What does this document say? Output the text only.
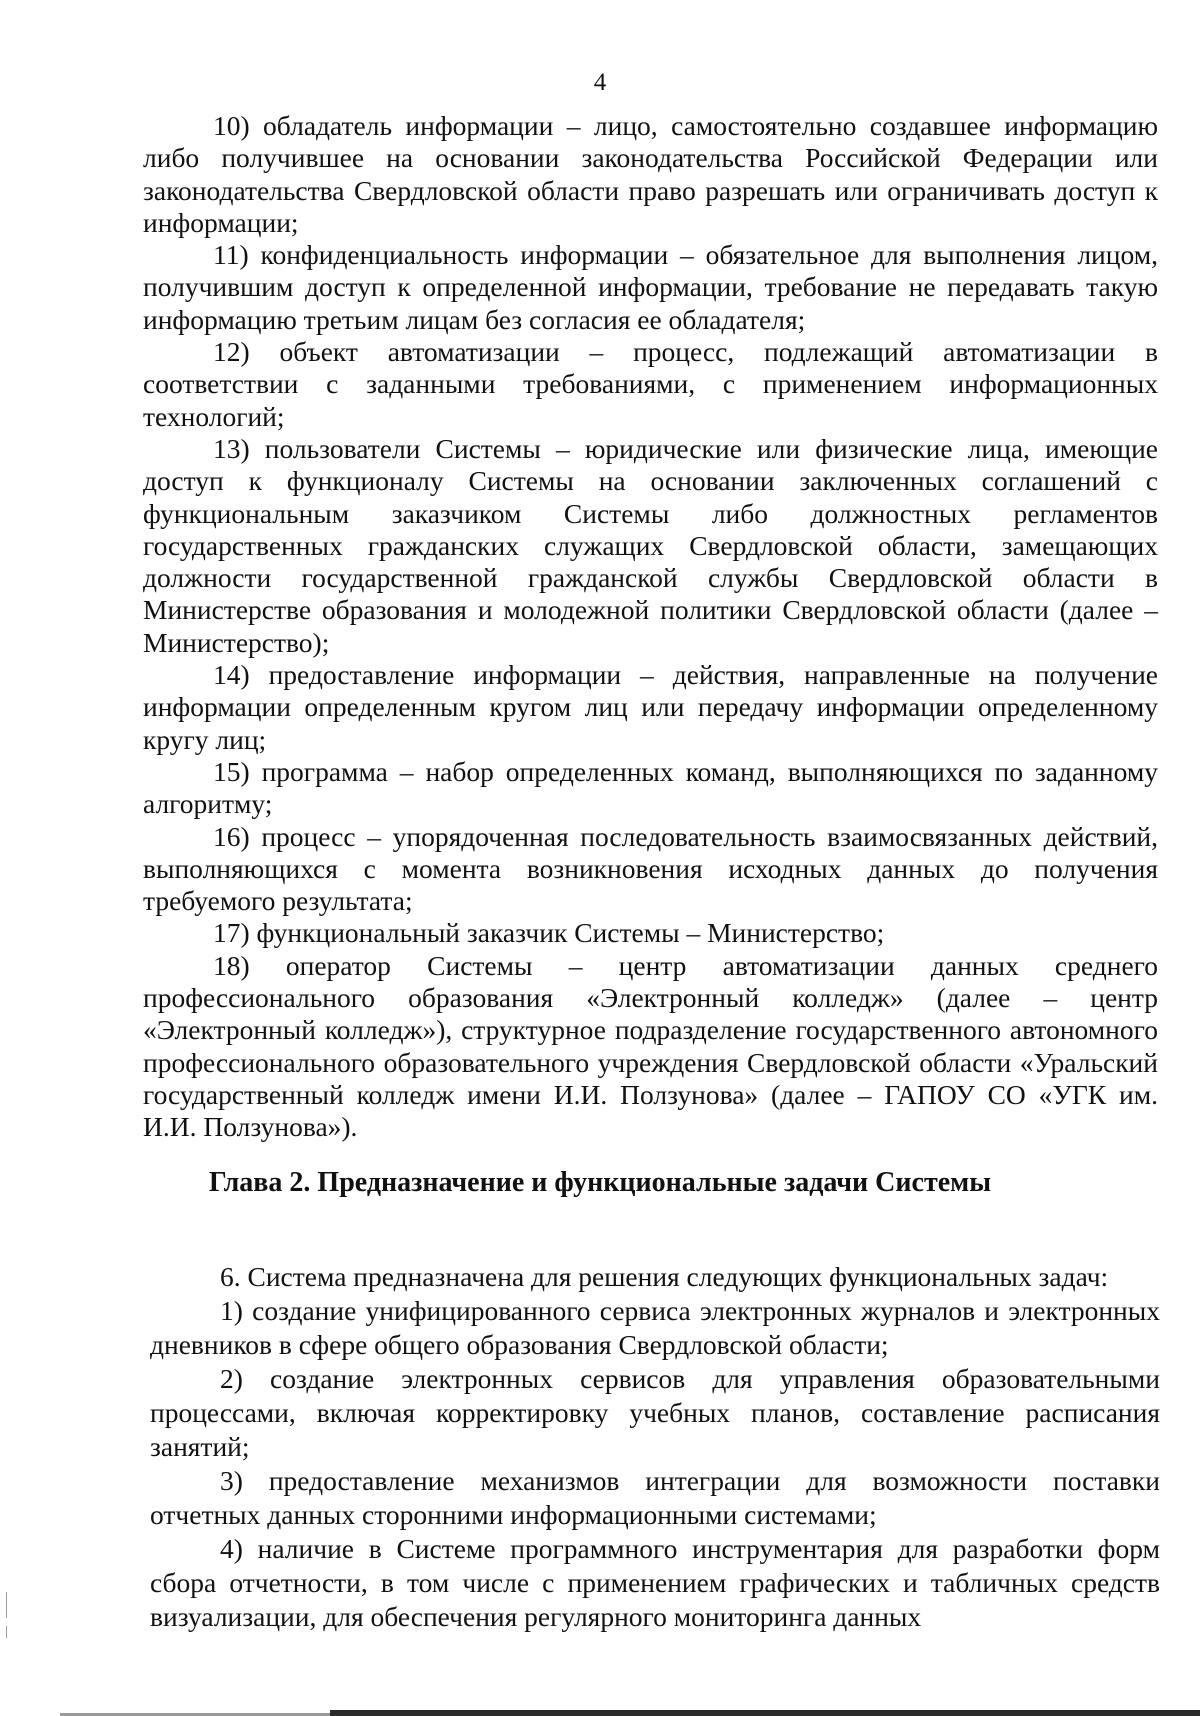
4

10) обладатель информации – лицо, самостоятельно создавшее информацию либо получившее на основании законодательства Российской Федерации или законодательства Свердловской области право разрешать или ограничивать доступ к информации;

11) конфиденциальность информации – обязательное для выполнения лицом, получившим доступ к определенной информации, требование не передавать такую информацию третьим лицам без согласия ее обладателя;

12) объект автоматизации – процесс, подлежащий автоматизации в соответствии с заданными требованиями, с применением информационных технологий;

13) пользователи Системы – юридические или физические лица, имеющие доступ к функционалу Системы на основании заключенных соглашений с функциональным заказчиком Системы либо должностных регламентов государственных гражданских служащих Свердловской области, замещающих должности государственной гражданской службы Свердловской области в Министерстве образования и молодежной политики Свердловской области (далее – Министерство);

14) предоставление информации – действия, направленные на получение информации определенным кругом лиц или передачу информации определенному кругу лиц;

15) программа – набор определенных команд, выполняющихся по заданному алгоритму;

16) процесс – упорядоченная последовательность взаимосвязанных действий, выполняющихся с момента возникновения исходных данных до получения требуемого результата;

17) функциональный заказчик Системы – Министерство;

18) оператор Системы – центр автоматизации данных среднего профессионального образования «Электронный колледж» (далее – центр «Электронный колледж»), структурное подразделение государственного автономного профессионального образовательного учреждения Свердловской области «Уральский государственный колледж имени И.И. Ползунова» (далее – ГАПОУ СО «УГК им. И.И. Ползунова»).

Глава 2. Предназначение и функциональные задачи Системы

6. Система предназначена для решения следующих функциональных задач:

1) создание унифицированного сервиса электронных журналов и электронных дневников в сфере общего образования Свердловской области;

2) создание электронных сервисов для управления образовательными процессами, включая корректировку учебных планов, составление расписания занятий;

3) предоставление механизмов интеграции для возможности поставки отчетных данных сторонними информационными системами;

4) наличие в Системе программного инструментария для разработки форм сбора отчетности, в том числе с применением графических и табличных средств визуализации, для обеспечения регулярного мониторинга данных
